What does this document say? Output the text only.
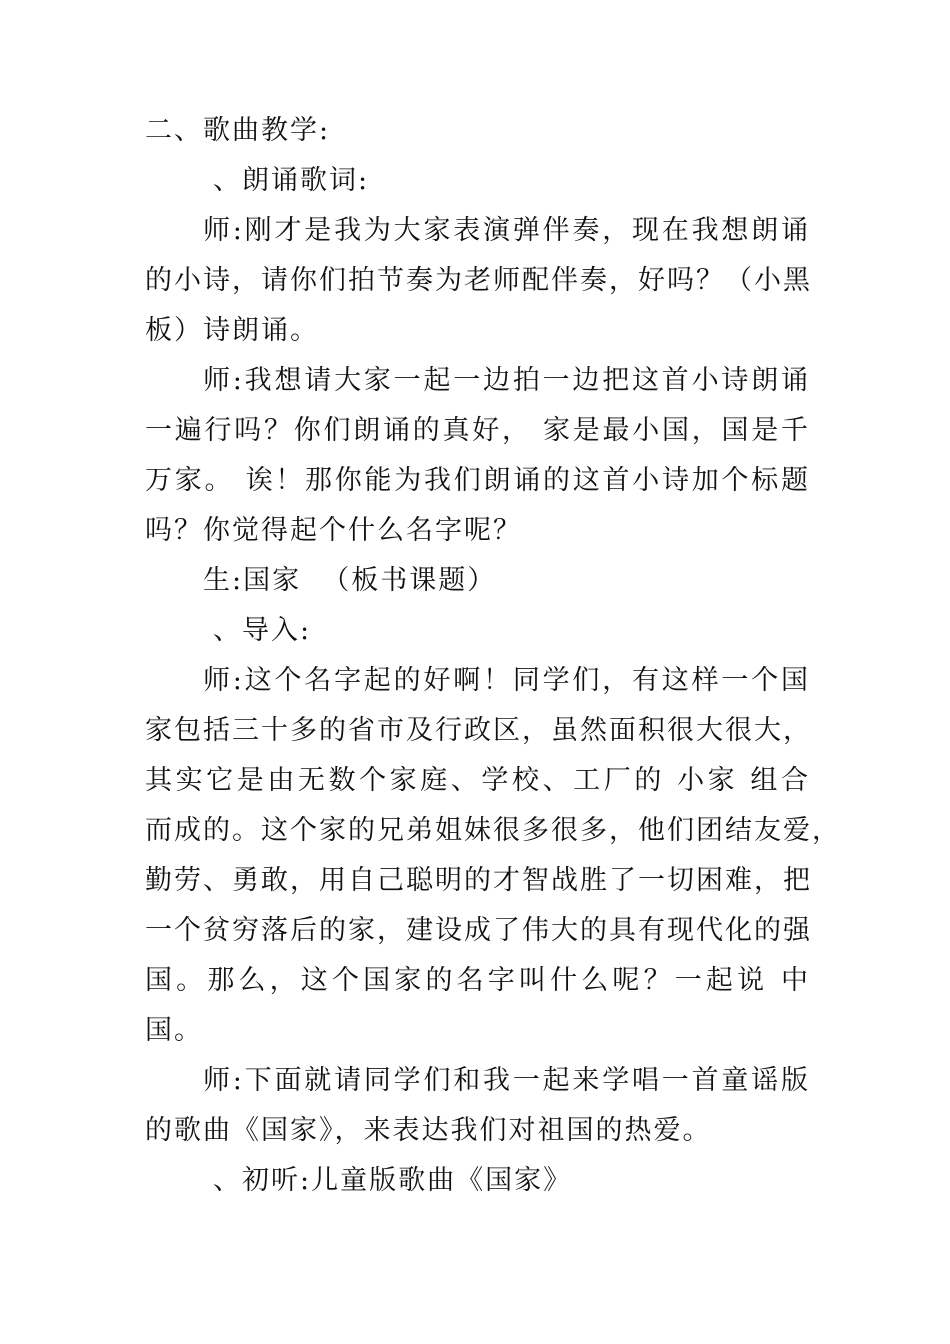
二、歌曲教学:
、朗诵歌词:
师:刚才是我为大家表演弹伴奏，现在我想朗诵
的小诗，请你们拍节奏为老师配伴奏，好吗？（小黑
板）诗朗诵。
师:我想请大家一起一边拍一边把这首小诗朗诵
一遍行吗？你们朗诵的真好， 家是最小国，国是千
万家。 诶！那你能为我们朗诵的这首小诗加个标题
吗？你觉得起个什么名字呢？
生:国家  （板书课题）
、导入:
师:这个名字起的好啊！同学们，有这样一个国
家包括三十多的省市及行政区，虽然面积很大很大，
其实它是由无数个家庭、学校、工厂的 小家 组合
而成的。这个家的兄弟姐妹很多很多，他们团结友爱，
勤劳、勇敢，用自己聪明的才智战胜了一切困难，把
一个贫穷落后的家，建设成了伟大的具有现代化的强
国。那么，这个国家的名字叫什么呢？一起说 中
国。
师:下面就请同学们和我一起来学唱一首童谣版
的歌曲《国家》，来表达我们对祖国的热爱。
、初听:儿童版歌曲《国家》
